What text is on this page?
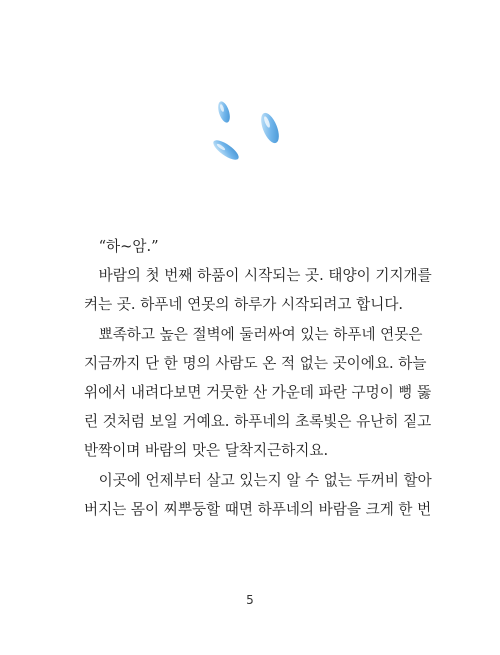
“하~암.”

바람의 첫 번째 하품이 시작되는 곳. 태양이 기지개를
켜는 곳. 하푸네 연못의 하루가 시작되려고 합니다.

뾰족하고 높은 절벽에 둘러싸여 있는 하푸네 연못은
지금까지 단 한 명의 사람도 온 적 없는 곳이에요. 하늘
위에서 내려다보면 거뭇한 산 가운데 파란 구멍이 뻥 뚫
린 것처럼 보일 거예요. 하푸네의 초록빛은 유난히 짙고
반짝이며 바람의 맛은 달착지근하지요.

이곳에 언제부터 살고 있는지 알 수 없는 두꺼비 할아
버지는 몸이 찌뿌둥할 때면 하푸네의 바람을 크게 한 번

5
